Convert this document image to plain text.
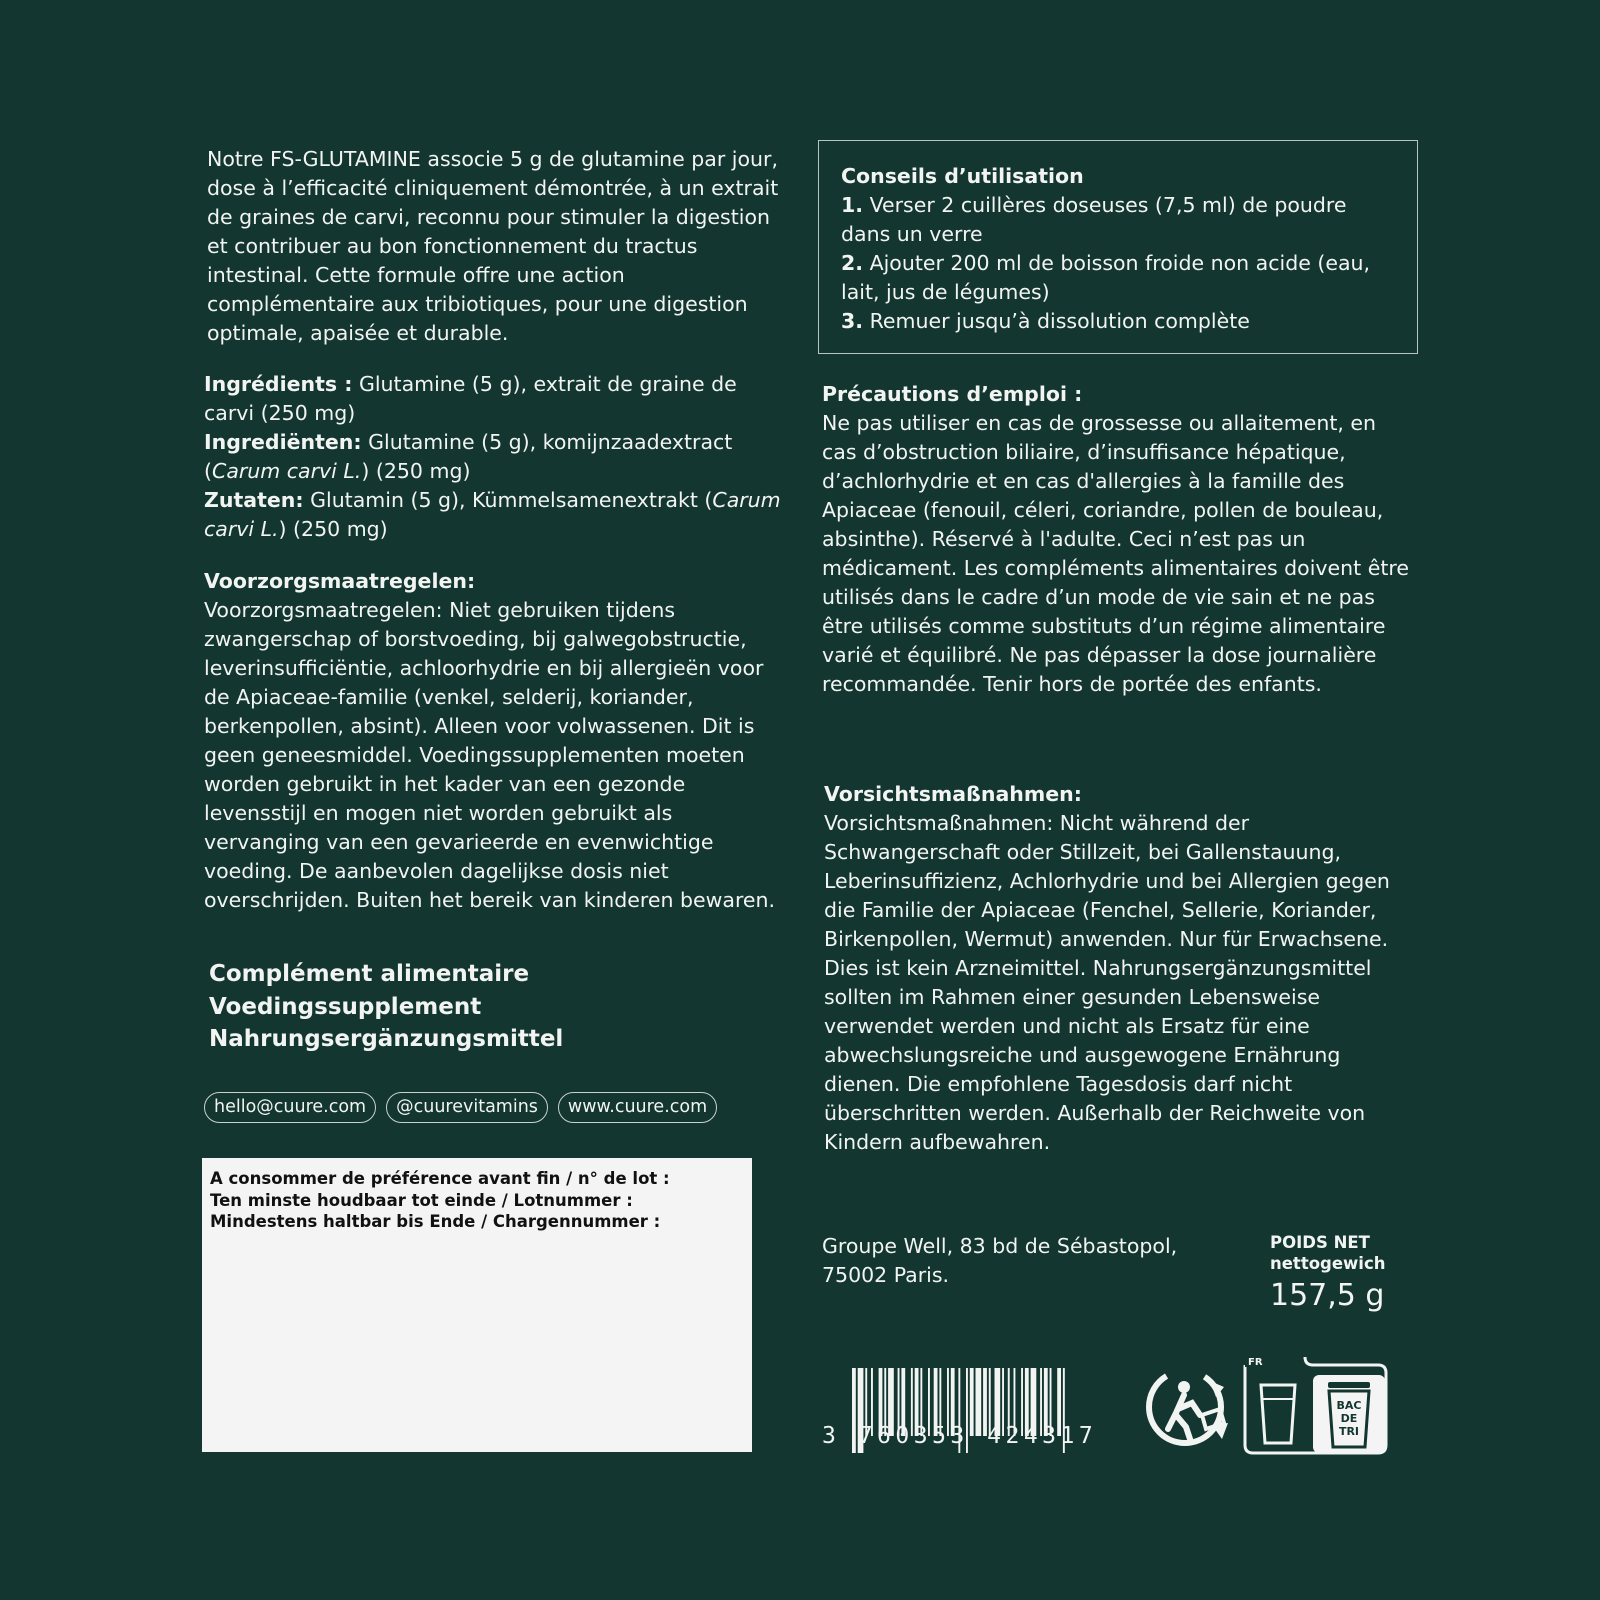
Notre FS-GLUTAMINE associe 5 g de glutamine par jour, dose à l’efficacité cliniquement démontrée, à un extrait de graines de carvi, reconnu pour stimuler la digestion et contribuer au bon fonctionnement du tractus intestinal. Cette formule offre une action complémentaire aux tribiotiques, pour une digestion optimale, apaisée et durable.

Ingrédients : Glutamine (5 g), extrait de graine de carvi (250 mg)
Ingrediënten: Glutamine (5 g), komijnzaadextract (Carum carvi L.) (250 mg)
Zutaten: Glutamin (5 g), Kümmelsamenextrakt (Carum carvi L.) (250 mg)
Voorzorgsmaatregelen:
Voorzorgsmaatregelen: Niet gebruiken tijdens zwangerschap of borstvoeding, bij galwegobstructie, leverinsufficiëntie, achloorhydrie en bij allergieën voor de Apiaceae-familie (venkel, selderij, koriander, berkenpollen, absint). Alleen voor volwassenen. Dit is geen geneesmiddel. Voedingssupplementen moeten worden gebruikt in het kader van een gezonde levensstijl en mogen niet worden gebruikt als vervanging van een gevarieerde en evenwichtige voeding. De aanbevolen dagelijkse dosis niet overschrijden. Buiten het bereik van kinderen bewaren.
Complément alimentaire
Voedingssupplement
Nahrungsergänzungsmittel
hello@cuure.com	@cuurevitamins	www.cuure.com
A consommer de préférence avant fin / n° de lot :
Ten minste houdbaar tot einde / Lotnummer :
Mindestens haltbar bis Ende / Chargennummer :
Conseils d’utilisation
1. Verser 2 cuillères doseuses (7,5 ml) de poudre dans un verre
2. Ajouter 200 ml de boisson froide non acide (eau, lait, jus de légumes)
3. Remuer jusqu’à dissolution complète
Précautions d’emploi :
Ne pas utiliser en cas de grossesse ou allaitement, en cas d’obstruction biliaire, d’insuffisance hépatique, d’achlorhydrie et en cas d'allergies à la famille des Apiaceae (fenouil, céleri, coriandre, pollen de bouleau, absinthe). Réservé à l'adulte. Ceci n’est pas un médicament. Les compléments alimentaires doivent être utilisés dans le cadre d’un mode de vie sain et ne pas être utilisés comme substituts d’un régime alimentaire varié et équilibré. Ne pas dépasser la dose journalière recommandée. Tenir hors de portée des enfants.
Vorsichtsmaßnahmen:
Vorsichtsmaßnahmen: Nicht während der Schwangerschaft oder Stillzeit, bei Gallenstauung, Leberinsuffizienz, Achlorhydrie und bei Allergien gegen die Familie der Apiaceae (Fenchel, Sellerie, Koriander, Birkenpollen, Wermut) anwenden. Nur für Erwachsene. Dies ist kein Arzneimittel. Nahrungsergänzungsmittel sollten im Rahmen einer gesunden Lebensweise verwendet werden und nicht als Ersatz für eine abwechslungsreiche und ausgewogene Ernährung dienen. Die empfohlene Tagesdosis darf nicht überschritten werden. Außerhalb der Reichweite von Kindern aufbewahren.
Groupe Well, 83 bd de Sébastopol,
75002 Paris.
POIDS NET
nettogewich
157,5 g
3 760353 424317
FR
BAC
DE
TRI
